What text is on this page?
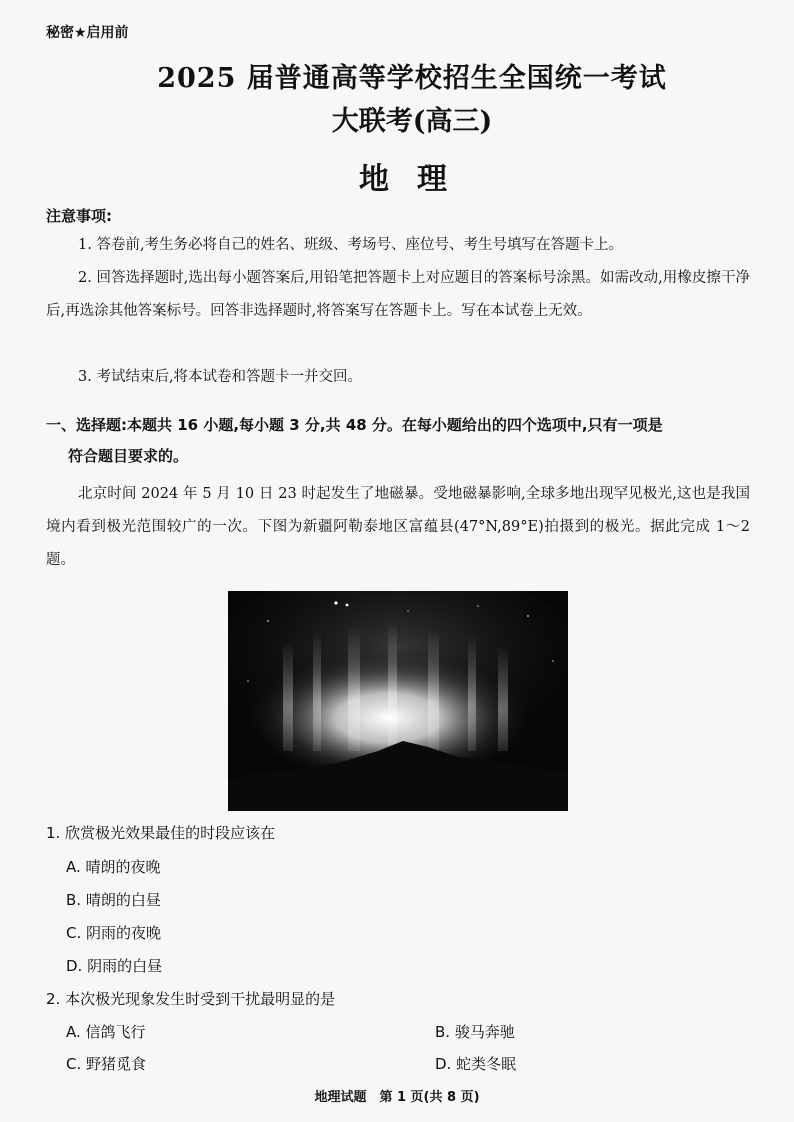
秘密★启用前
2025 届普通高等学校招生全国统一考试
大联考(高三)
地理
注意事项:
1. 答卷前,考生务必将自己的姓名、班级、考场号、座位号、考生号填写在答题卡上。
2. 回答选择题时,选出每小题答案后,用铅笔把答题卡上对应题目的答案标号涂黑。如需改动,用橡皮擦干净后,再选涂其他答案标号。回答非选择题时,将答案写在答题卡上。写在本试卷上无效。
3. 考试结束后,将本试卷和答题卡一并交回。
一、选择题:本题共 16 小题,每小题 3 分,共 48 分。在每小题给出的四个选项中,只有一项是
符合题目要求的。
北京时间 2024 年 5 月 10 日 23 时起发生了地磁暴。受地磁暴影响,全球多地出现罕见极光,这也是我国境内看到极光范围较广的一次。下图为新疆阿勒泰地区富蕴县(47°N,89°E)拍摄到的极光。据此完成 1～2 题。
1. 欣赏极光效果最佳的时段应该在
A. 晴朗的夜晚
B. 晴朗的白昼
C. 阴雨的夜晚
D. 阴雨的白昼
2. 本次极光现象发生时受到干扰最明显的是
A. 信鸽飞行	B. 骏马奔驰
C. 野猪觅食	D. 蛇类冬眠
地理试题　第 1 页(共 8 页)
